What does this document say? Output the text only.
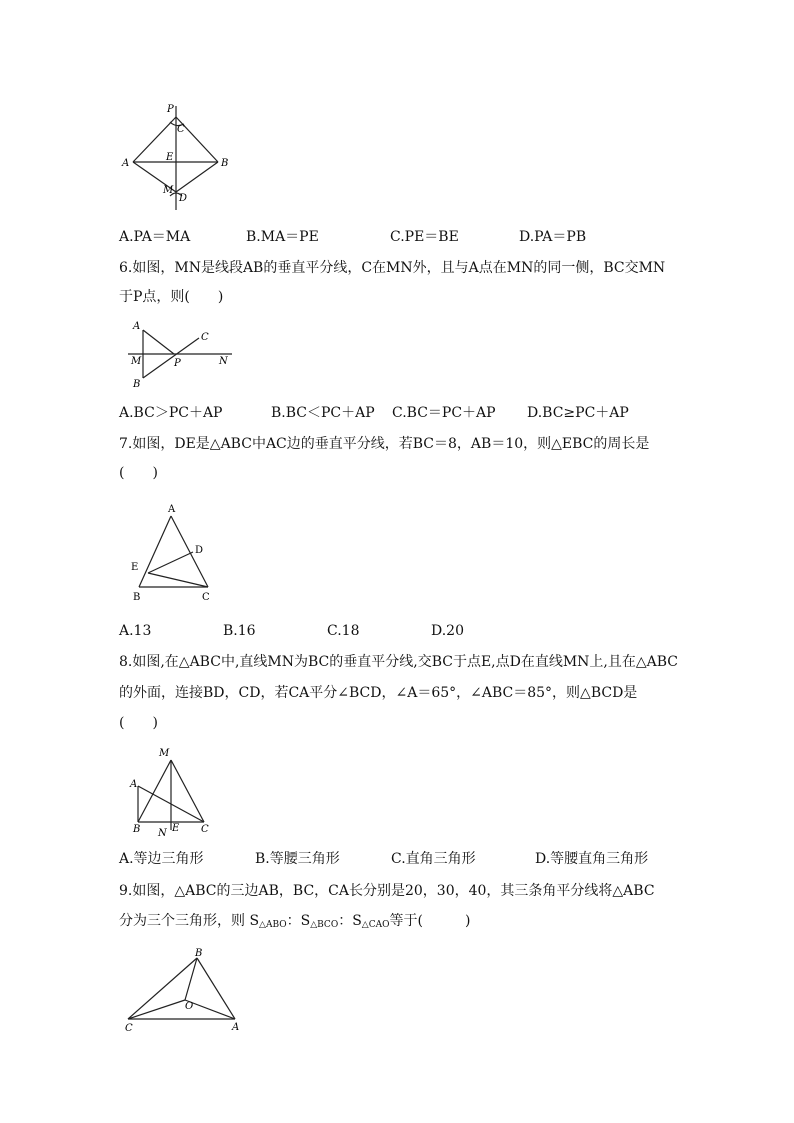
P
C
A
E
B
M
D
A.PA＝MA	B.MA＝PE	C.PE＝BE	D.PA＝PB
6.如图，MN是线段AB的垂直平分线，C在MN外，且与A点在MN的同一侧，BC交MN
于P点，则(　　)
A
C
M	P	N
B
A.BC＞PC＋AP	B.BC＜PC＋AP C.BC＝PC＋AP D.BC≥PC＋AP
7.如图，DE是△ABC中AC边的垂直平分线，若BC＝8，AB＝10，则△EBC的周长是
(　　)
A
D
E
B	C
A.13	B.16	C.18	D.20
8.如图,在△ABC中,直线MN为BC的垂直平分线,交BC于点E,点D在直线MN上,且在△ABC
的外面，连接BD，CD，若CA平分∠BCD，∠A＝65°，∠ABC＝85°，则△BCD是
(　　)
M
A
B N E C
A.等边三角形	B.等腰三角形	C.直角三角形	D.等腰直角三角形
9.如图，△ABC的三边AB，BC，CA长分别是20，30，40，其三条角平分线将△ABC
分为三个三角形，则 $S_{\triangle ABO}$：$S_{\triangle BCO}$：$S_{\triangle CAO}$等于(　　　)
B
O
C	A
